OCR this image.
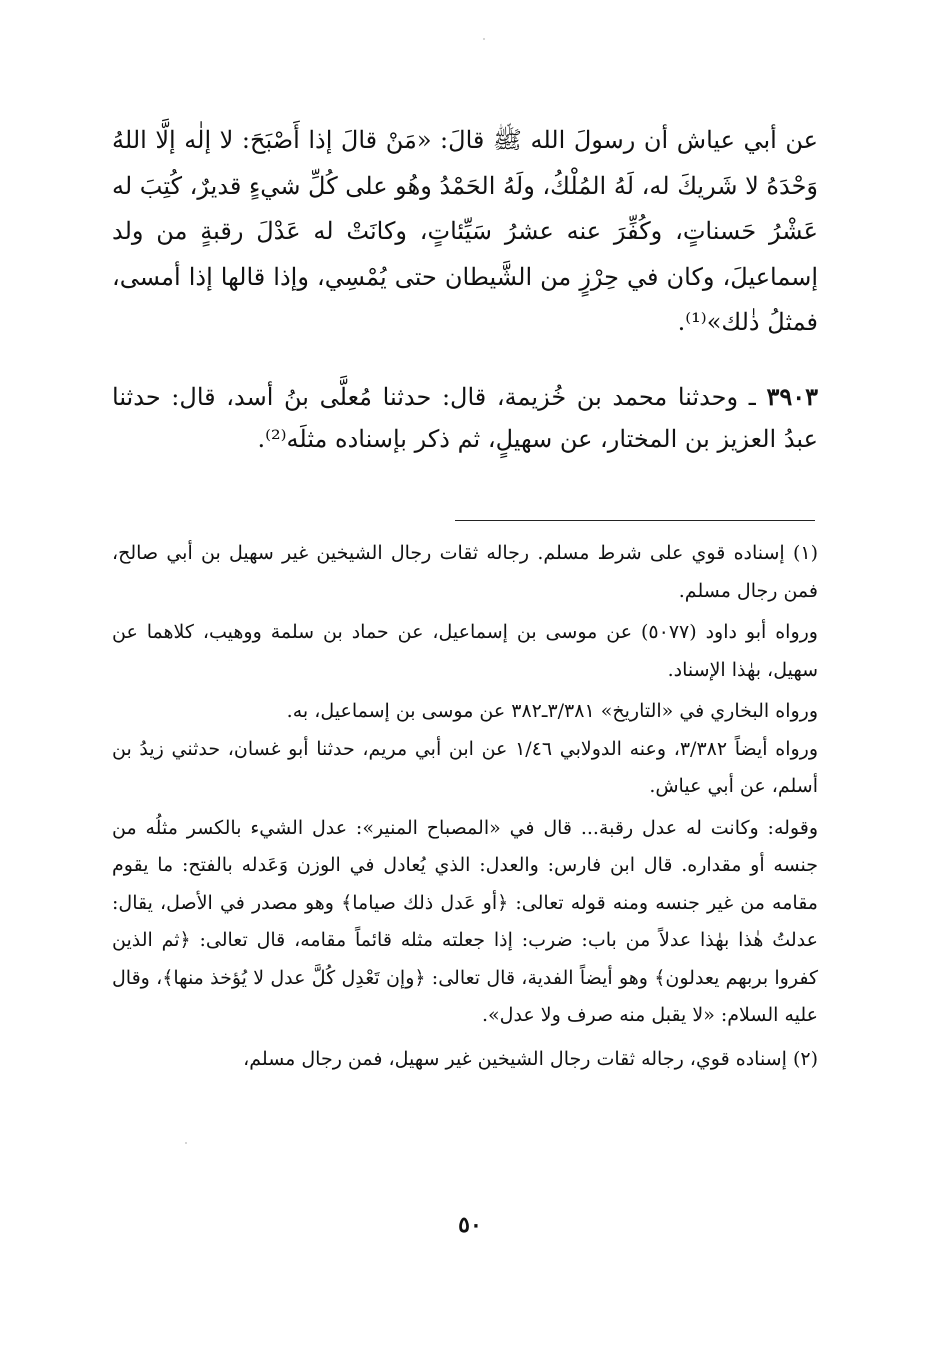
عن أبي عياش أن رسولَ الله ﷺ قالَ: «مَنْ قالَ إذا أَصْبَحَ: لا إلٰه إلَّا اللهُ وَحْدَهُ لا شَريكَ له، لَهُ المُلْكُ، ولَهُ الحَمْدُ وهُو على كُلِّ شيءٍ قديرٌ، كُتِبَ له عَشْرُ حَسناتٍ، وكُفِّرَ عنه عشرُ سَيِّئاتٍ، وكانَتْ له عَدْلَ رقبةٍ من ولد إسماعيلَ، وكان في حِرْزٍ من الشَّيطان حتى يُمْسِي، وإذا قالها إذا أمسى، فمثلُ ذٰلك»⁽¹⁾.

٣٩٠٣ ـ وحدثنا محمد بن خُزيمة، قال: حدثنا مُعلَّى بنُ أسد، قال: حدثنا عبدُ العزيز بن المختار، عن سهيلٍ، ثم ذكر بإسناده مثلَه⁽²⁾.

(١) إسناده قوي على شرط مسلم. رجاله ثقات رجال الشيخين غير سهيل بن أبي صالح، فمن رجال مسلم.

ورواه أبو داود (٥٠٧٧) عن موسى بن إسماعيل، عن حماد بن سلمة ووهيب، كلاهما عن سهيل، بهٰذا الإسناد.

ورواه البخاري في «التاريخ» ٣/٣٨١ـ٣٨٢ عن موسى بن إسماعيل، به.

ورواه أيضاً ٣/٣٨٢، وعنه الدولابي ١/٤٦ عن ابن أبي مريم، حدثنا أبو غسان، حدثني زيدُ بن أسلم، عن أبي عياش.

وقوله: وكانت له عدل رقبة... قال في «المصباح المنير»: عدل الشيء بالكسر مثلُه من جنسه أو مقداره. قال ابن فارس: والعدل: الذي يُعادل في الوزن وَعَدله بالفتح: ما يقوم مقامه من غير جنسه ومنه قوله تعالى: ﴿أو عَدل ذلك صياما﴾ وهو مصدر في الأصل، يقال: عدلتُ هٰذا بهٰذا عدلاً من باب: ضرب: إذا جعلته مثله قائماً مقامه، قال تعالى: ﴿ثم الذين كفروا بربهم يعدلون﴾ وهو أيضاً الفدية، قال تعالى: ﴿وإن تَعْدِل كُلَّ عدل لا يُؤخذ منها﴾، وقال عليه السلام: «لا يقبل منه صرف ولا عدل».

(٢) إسناده قوي، رجاله ثقات رجال الشيخين غير سهيل، فمن رجال مسلم،

٥٠
